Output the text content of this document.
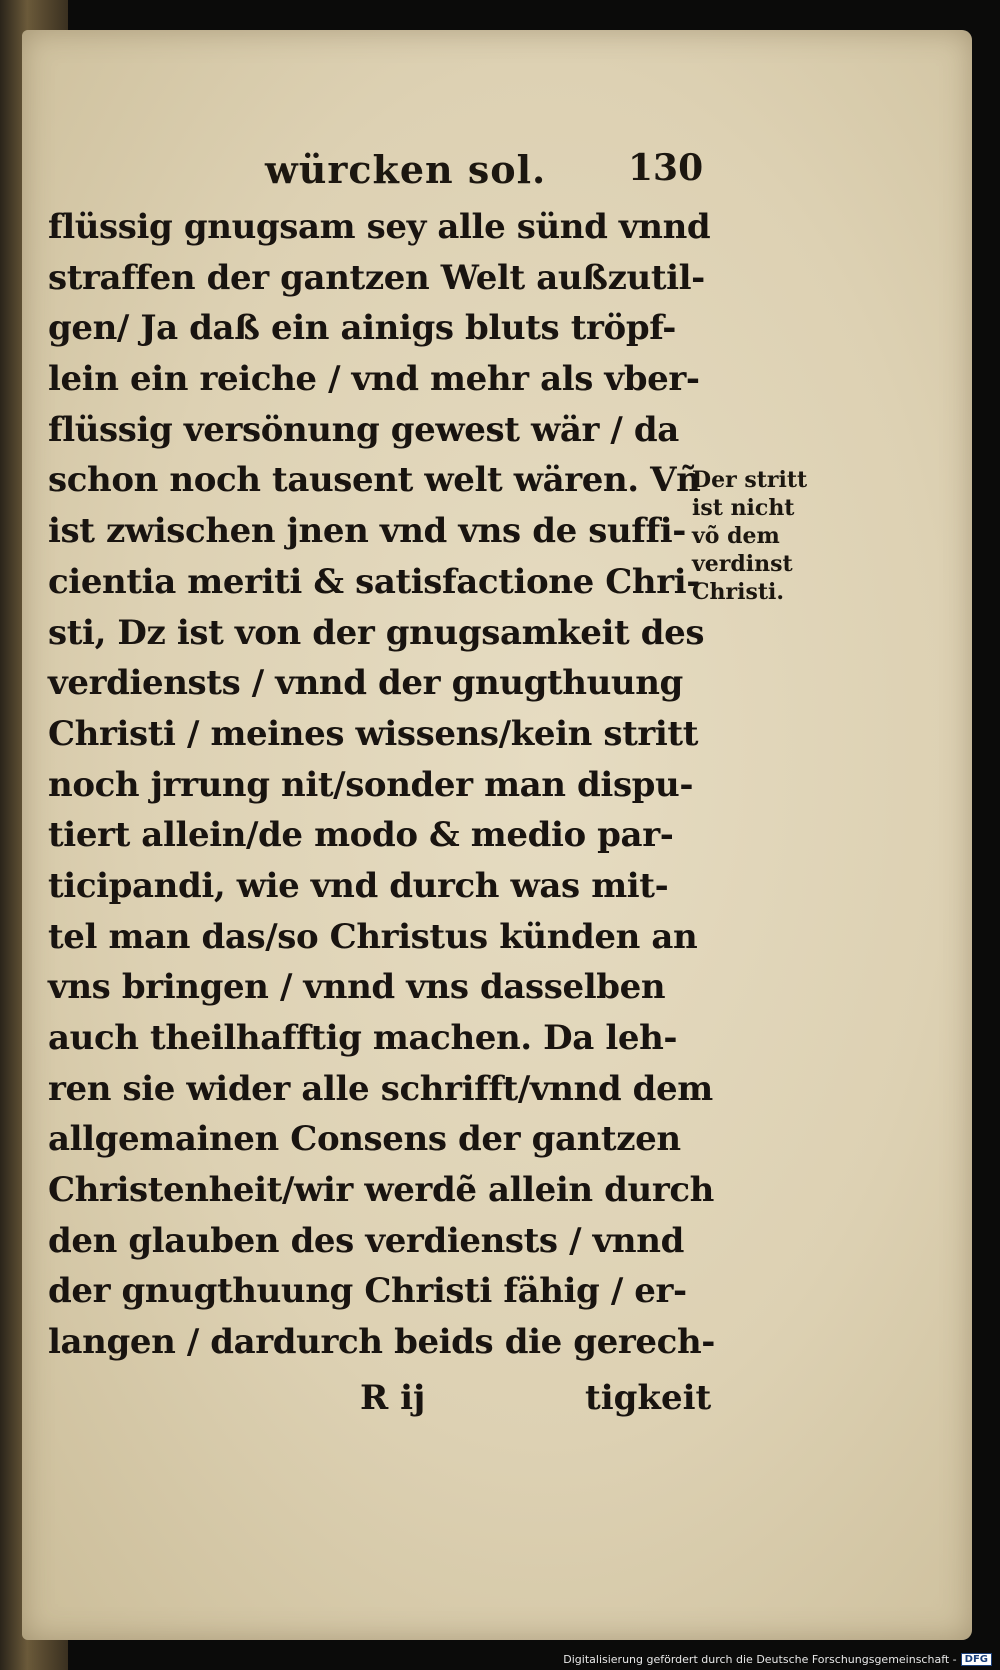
würcken sol. 130
flüssig gnugsam sey alle sünd vnnd
straffen der gantzen Welt außzutil-
gen/ Ja daß ein ainigs bluts tröpf-
lein ein reiche / vnd mehr als vber-
flüssig versönung gewest wär / da
schon noch tausent welt wären. Vñ
ist zwischen jnen vnd vns de suffi-
cientia meriti & satisfactione Chri-
sti, Dz ist von der gnugsamkeit des
verdiensts / vnnd der gnugthuung
Christi / meines wissens/kein stritt
noch jrrung nit/sonder man dispu-
tiert allein/de modo & medio par-
ticipandi, wie vnd durch was mit-
tel man das/so Christus künden an
vns bringen / vnnd vns dasselben
auch theilhafftig machen. Da leh-
ren sie wider alle schrifft/vnnd dem
allgemainen Consens der gantzen
Christenheit/wir werdẽ allein durch
den glauben des verdiensts / vnnd
der gnugthuung Christi fähig / er-
langen / dardurch beids die gerech-
R ij	tigkeit
Der stritt
ist nicht
võ dem
verdinst
Christi.
Digitalisierung gefördert durch die Deutsche Forschungsgemeinschaft - DFG
